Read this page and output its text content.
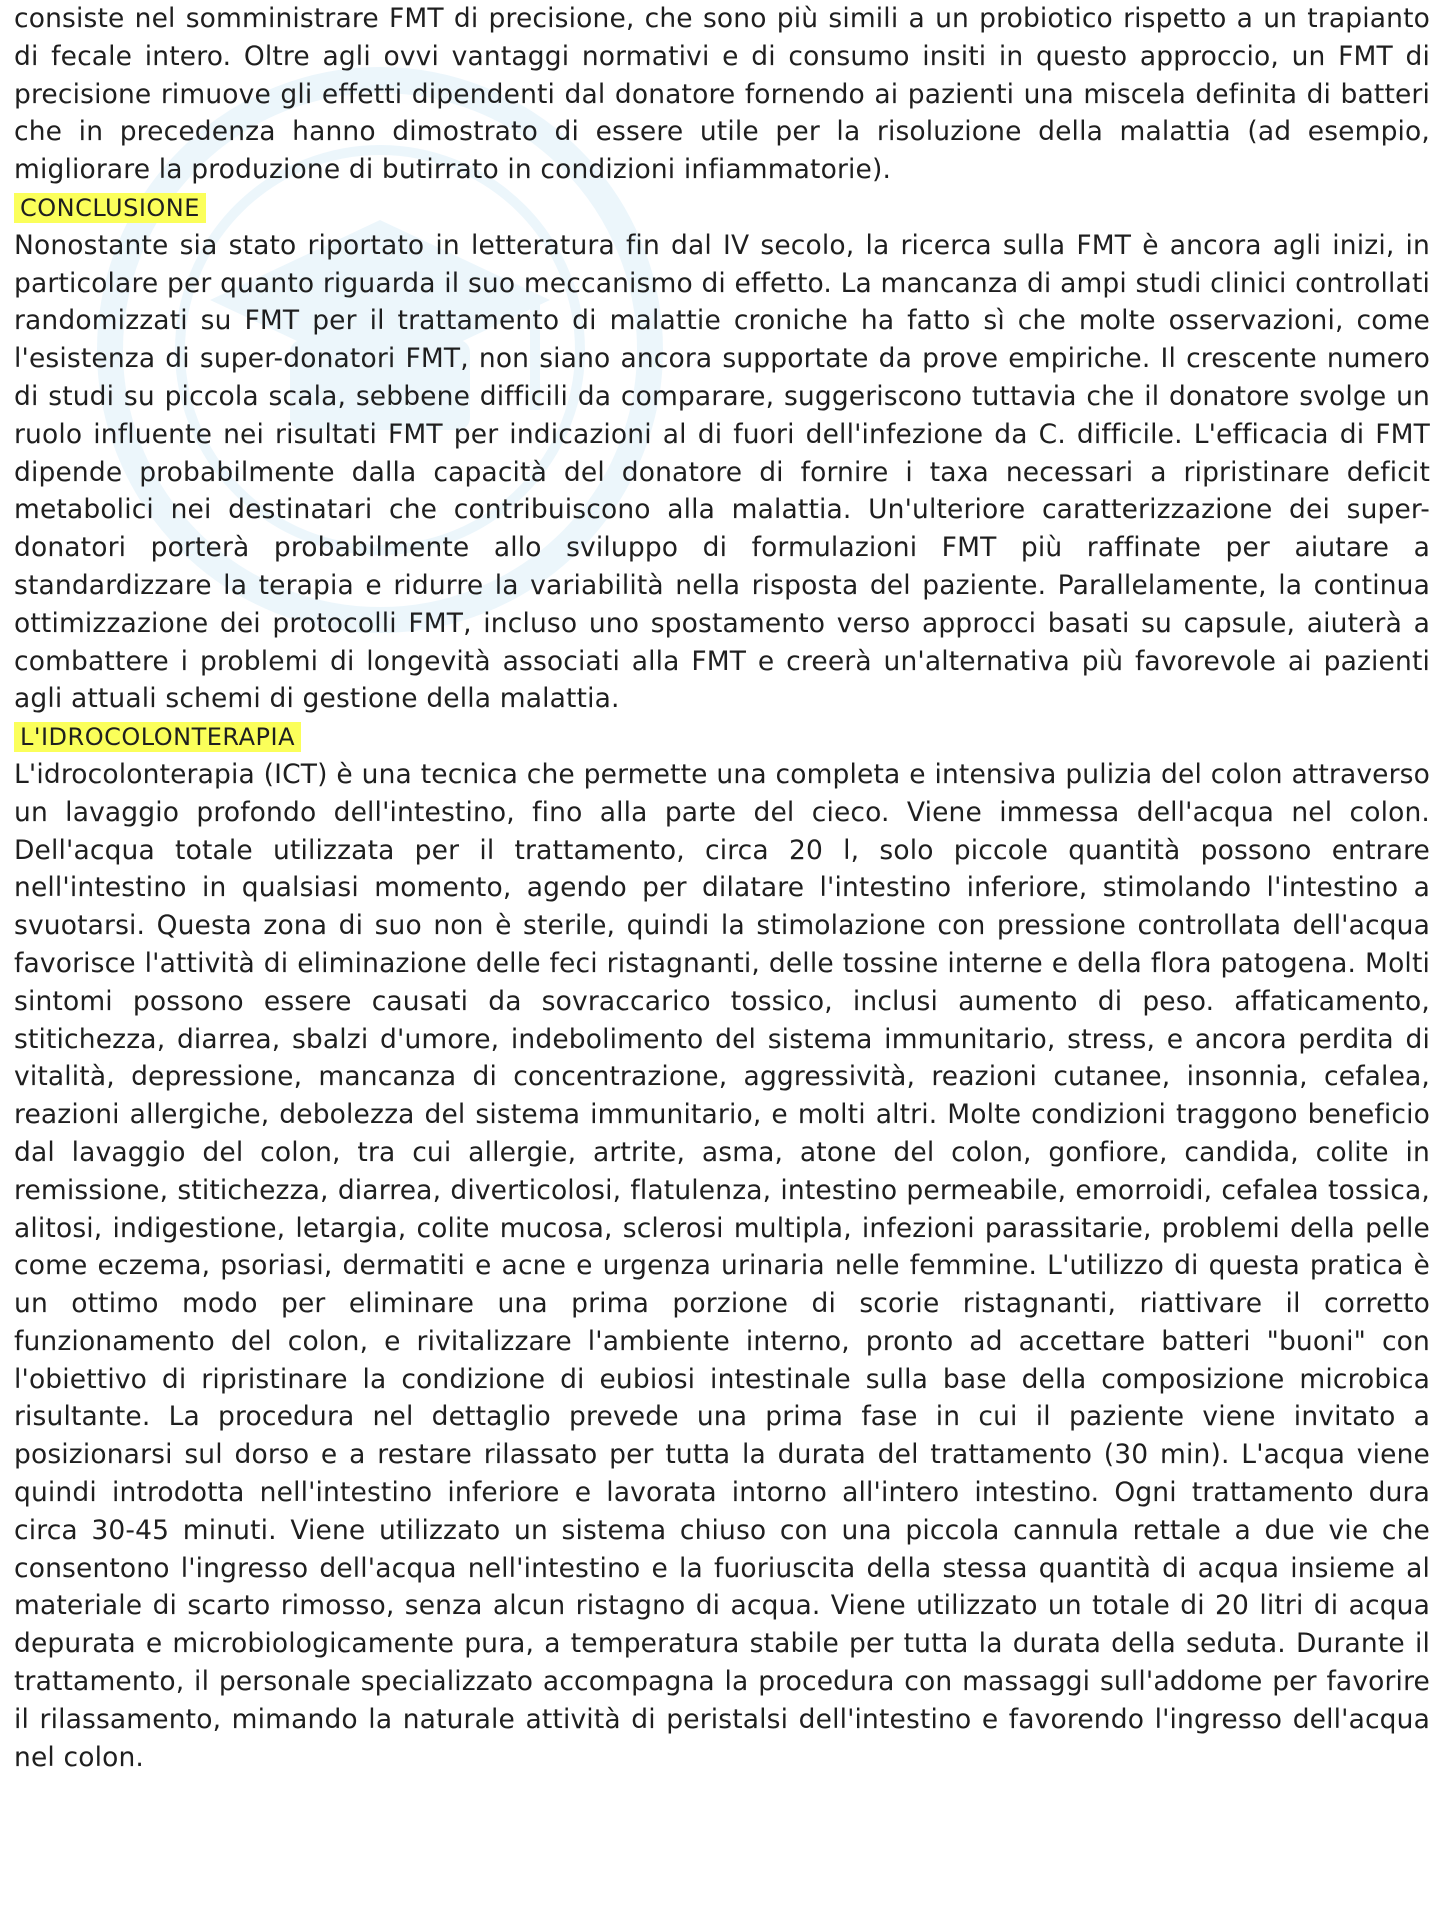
consiste nel somministrare FMT di precisione, che sono più simili a un probiotico rispetto a un trapianto di fecale intero. Oltre agli ovvi vantaggi normativi e di consumo insiti in questo approccio, un FMT di precisione rimuove gli effetti dipendenti dal donatore fornendo ai pazienti una miscela definita di batteri che in precedenza hanno dimostrato di essere utile per la risoluzione della malattia (ad esempio, migliorare la produzione di butirrato in condizioni infiammatorie).

CONCLUSIONE

Nonostante sia stato riportato in letteratura fin dal IV secolo, la ricerca sulla FMT è ancora agli inizi, in particolare per quanto riguarda il suo meccanismo di effetto. La mancanza di ampi studi clinici controllati randomizzati su FMT per il trattamento di malattie croniche ha fatto sì che molte osservazioni, come l'esistenza di super-donatori FMT, non siano ancora supportate da prove empiriche. Il crescente numero di studi su piccola scala, sebbene difficili da comparare, suggeriscono tuttavia che il donatore svolge un ruolo influente nei risultati FMT per indicazioni al di fuori dell'infezione da C. difficile. L'efficacia di FMT dipende probabilmente dalla capacità del donatore di fornire i taxa necessari a ripristinare deficit metabolici nei destinatari che contribuiscono alla malattia. Un'ulteriore caratterizzazione dei super-donatori porterà probabilmente allo sviluppo di formulazioni FMT più raffinate per aiutare a standardizzare la terapia e ridurre la variabilità nella risposta del paziente. Parallelamente, la continua ottimizzazione dei protocolli FMT, incluso uno spostamento verso approcci basati su capsule, aiuterà a combattere i problemi di longevità associati alla FMT e creerà un'alternativa più favorevole ai pazienti agli attuali schemi di gestione della malattia.

L'IDROCOLONTERAPIA

L'idrocolonterapia (ICT) è una tecnica che permette una completa e intensiva pulizia del colon attraverso un lavaggio profondo dell'intestino, fino alla parte del cieco. Viene immessa dell'acqua nel colon. Dell'acqua totale utilizzata per il trattamento, circa 20 l, solo piccole quantità possono entrare nell'intestino in qualsiasi momento, agendo per dilatare l'intestino inferiore, stimolando l'intestino a svuotarsi. Questa zona di suo non è sterile, quindi la stimolazione con pressione controllata dell'acqua favorisce l'attività di eliminazione delle feci ristagnanti, delle tossine interne e della flora patogena. Molti sintomi possono essere causati da sovraccarico tossico, inclusi aumento di peso. affaticamento, stitichezza, diarrea, sbalzi d'umore, indebolimento del sistema immunitario, stress, e ancora perdita di vitalità, depressione, mancanza di concentrazione, aggressività, reazioni cutanee, insonnia, cefalea, reazioni allergiche, debolezza del sistema immunitario, e molti altri. Molte condizioni traggono beneficio dal lavaggio del colon, tra cui allergie, artrite, asma, atone del colon, gonfiore, candida, colite in remissione, stitichezza, diarrea, diverticolosi, flatulenza, intestino permeabile, emorroidi, cefalea tossica, alitosi, indigestione, letargia, colite mucosa, sclerosi multipla, infezioni parassitarie, problemi della pelle come eczema, psoriasi, dermatiti e acne e urgenza urinaria nelle femmine. L'utilizzo di questa pratica è un ottimo modo per eliminare una prima porzione di scorie ristagnanti, riattivare il corretto funzionamento del colon, e rivitalizzare l'ambiente interno, pronto ad accettare batteri "buoni" con l'obiettivo di ripristinare la condizione di eubiosi intestinale sulla base della composizione microbica risultante. La procedura nel dettaglio prevede una prima fase in cui il paziente viene invitato a posizionarsi sul dorso e a restare rilassato per tutta la durata del trattamento (30 min). L'acqua viene quindi introdotta nell'intestino inferiore e lavorata intorno all'intero intestino. Ogni trattamento dura circa 30-45 minuti. Viene utilizzato un sistema chiuso con una piccola cannula rettale a due vie che consentono l'ingresso dell'acqua nell'intestino e la fuoriuscita della stessa quantità di acqua insieme al materiale di scarto rimosso, senza alcun ristagno di acqua. Viene utilizzato un totale di 20 litri di acqua depurata e microbiologicamente pura, a temperatura stabile per tutta la durata della seduta. Durante il trattamento, il personale specializzato accompagna la procedura con massaggi sull'addome per favorire il rilassamento, mimando la naturale attività di peristalsi dell'intestino e favorendo l'ingresso dell'acqua nel colon.
